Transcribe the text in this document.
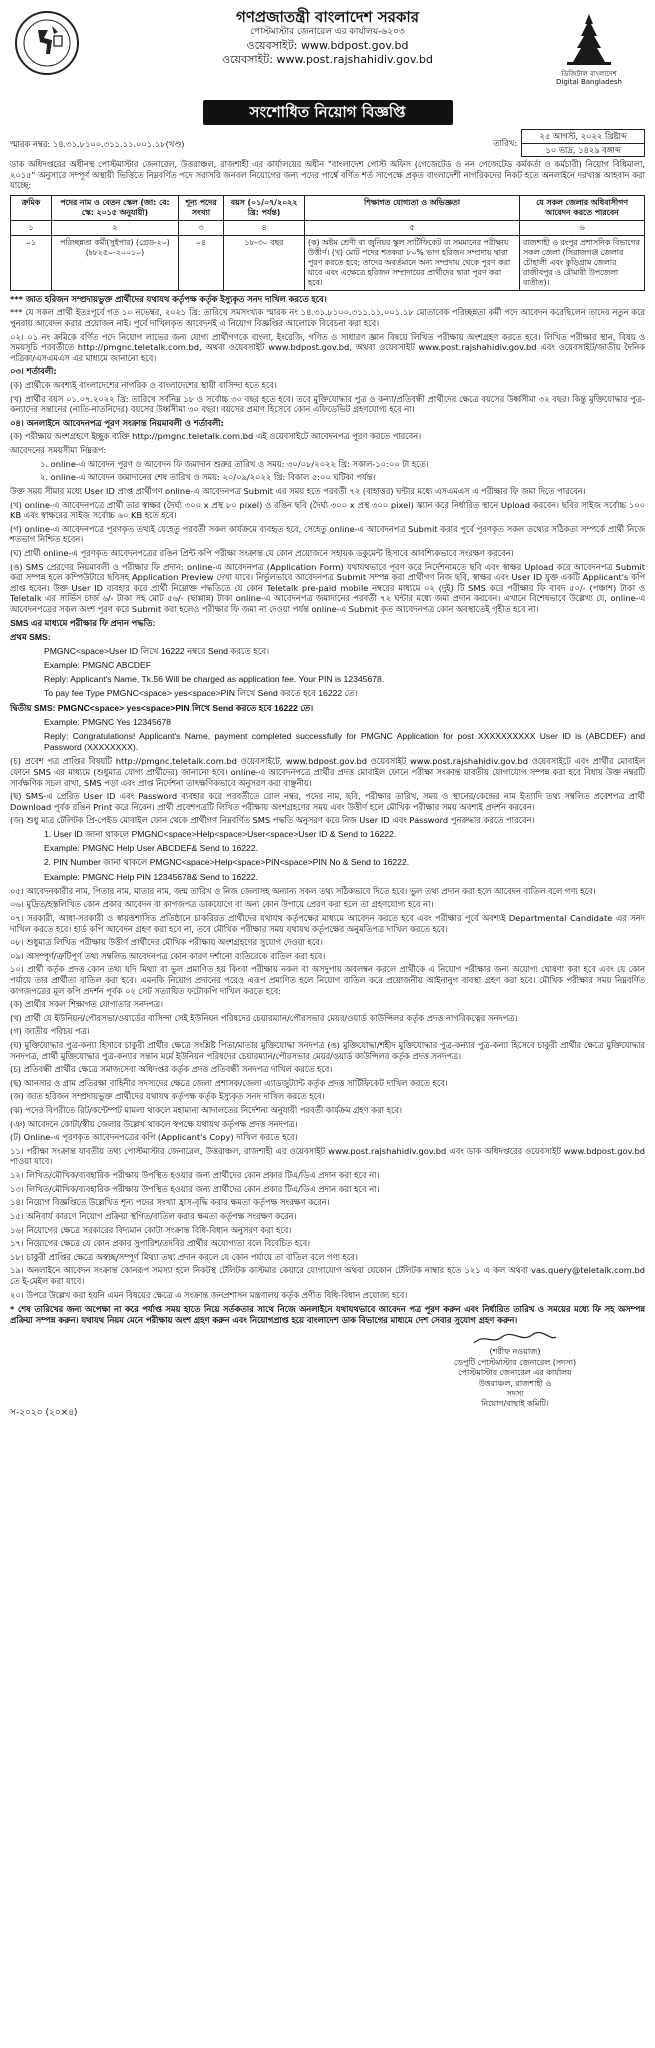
গণপ্রজাতন্ত্রী বাংলাদেশ সরকার
পোস্টমাস্টার জেনারেল এর কার্যালয়-৬২০৩
ওয়েবসাইট: www.bdpost.gov.bd
ওয়েবসাইট: www.post.rajshahidiv.gov.bd
ডিজিটাল বাংলাদেশ
Digital Bangladesh
সংশোধিত নিয়োগ বিজ্ঞপ্তি
স্মারক নম্বর: ১৪.৩১.৮১০০.৩১১.১১.০০১.১৮(খণ্ড)	তারিখ:
২৫ আগস্ট, ২০২২ খ্রিষ্টাব্দ
১০ ভাদ্র, ১৪২৯ বঙ্গাব্দ

ডাক অধিদপ্তরের অধীনস্থ পোস্টমাস্টার জেনারেল, উত্তরাঞ্চল, রাজশাহী এর কার্যালয়ের অধীন "বাংলাদেশ পোস্ট অফিস (গেজেটেড ও নন গেজেটেড কর্মকর্তা ও কর্মচারী) নিয়োগ বিধিমালা, ২০১৫" অনুসারে সম্পূর্ণ অস্থায়ী ভিত্তিতে নিম্নবর্ণিত পদে সরাসরি জনবল নিয়োগের জন্য পদের পার্শ্বে বর্ণিত শর্ত সাপেক্ষে প্রকৃত বাংলাদেশী নাগরিকদের নিকট হতে অনলাইনে দরখাস্ত আহবান করা যাচ্ছে:

ক্রমিক	পদের নাম ও বেতন স্কেল (জা: বে: স্কে: ২০১৫ অনুযায়ী)	শূন্য পদের সংখ্যা	বয়স (০১/০৭/২০২২ খ্রি: পর্যন্ত)	শিক্ষাগত যোগ্যতা ও অভিজ্ঞতা	যে সকল জেলার অধিবাসীগণ আবেদন করতে পারবেন
১	২	৩	৪	৫	৬
০১	পরিচ্ছন্নতা কর্মী(সুইপার) (গ্রেড-২০) (৳৮২৫০-২০০১০)	০৪	১৮-৩০ বছর	(ক) অষ্টম শ্রেণী বা জুনিয়র স্কুল সার্টিফিকেট বা সমমানের পরীক্ষায় উত্তীর্ণ। (খ) মোট পদের শতকরা ৮০% ভাগ হরিজন সম্প্রদায় দ্বারা পূরণ করতে হবে; তাদের অবর্তমানে অন্য সম্প্রদায় থেকে পূরণ করা যাবে এবং এক্ষেত্রে হরিজন সম্প্রদায়ের প্রার্থীদের দ্বারা পূরণ করা হবে।	রাজশাহী ও রংপুর প্রশাসনিক বিভাগের সকল জেলা (সিরাজগঞ্জ জেলার চৌহালী এবং কুড়িগ্রাম জেলার রাজীবপুর ও রৌমারী উপজেলা ব্যতীত)।

*** জাত হরিজন সম্প্রদায়ভুক্ত প্রার্থীদের যথাযথ কর্তৃপক্ষ কর্তৃক ইস্যুকৃত সনদ দাখিল করতে হবে।

*** যে সকল প্রার্থী ইতঃপূর্বে গত ১০ নভেম্বর, ২০২১ খ্রি: তারিখে সমসংখ্যক স্মারক নং ১৪.৩১.৮১০০.৩১১.১১.০০১.১৮ মোতাবেক পরিচ্ছন্নতা কর্মী পদে আবেদন করেছিলেন তাদের নতুন করে পুনরায় আবেদন করার প্রয়োজন নাই। পূর্বে দাখিলকৃত আবেদনই এ নিয়োগ বিজ্ঞপ্তির আলোকে বিবেচনা করা হবে।

০২। ০১ নং ক্রমিকে বর্ণিত পদে নিয়োগ লাভের জন্য যোগ্য প্রার্থীগণকে বাংলা, ইংরেজি, গণিত ও সাধারণ জ্ঞান বিষয়ে লিখিত পরীক্ষায় অংশগ্রহণ করতে হবে। লিখিত পরীক্ষার স্থান, বিষয় ও সময়সূচি পরবর্তীতে http://pmgnc.teletalk.com.bd, অথবা ওয়েবসাইট www.bdpost.gov.bd, অথবা ওয়েবসাইট www.post.rajshahidiv.gov.bd এবং ওয়েবসাইট/জাতীয় দৈনিক পত্রিকা/এসএমএস এর মাধ্যমে জানানো হবে।

০৩। শর্তাবলী:

(ক) প্রার্থীকে অবশ্যই বাংলাদেশের নাগরিক ও বাংলাদেশের স্থায়ী বাসিন্দা হতে হবে।

(খ) প্রার্থীর বয়স ০১.০৭.২০২২ খ্রি: তারিখে সর্বনিম্ন ১৮ ও সর্বোচ্চ ৩০ বছর হতে হবে। তবে মুক্তিযোদ্ধার পুত্র ও কন্যা/প্রতিবন্ধী প্রার্থীদের ক্ষেত্রে বয়সের উর্ধ্বসীমা ৩২ বছর। কিন্তু মুক্তিযোদ্ধার পুত্র-কন্যাদের সন্তানের (নাতি-নাতনিদের) বয়সের উর্ধ্বসীমা ৩০ বছর। বয়সের প্রমাণ হিসেবে কোন এফিডেভিট গ্রহণযোগ্য হবে না।

০৪। অনলাইনে আবেদনপত্র পূরণ সংক্রান্ত নিয়মাবলী ও শর্তাবলী:

(ক) পরীক্ষায় অংশগ্রহণে ইচ্ছুক ব্যক্তি http://pmgnc.teletalk.com.bd এই ওয়েবসাইটে আবেদনপত্র পূরণ করতে পারবেন।

আবেদনের সময়সীমা নিম্নরূপ:

১. online-এ আবেদন পূরণ ও আবেদন ফি জমাদান শুরুর তারিখ ও সময়: ৩০/০৮/২০২২ খ্রি: সকাল-১০:০০ টা হতে।

২. online-এ আবেদন জমাদানের শেষ তারিখ ও সময়: ২০/০৯/২০২২ খ্রি: বিকাল ৫:০০ ঘটিকা পর্যন্ত।

উক্ত সময় সীমার মধ্যে User ID প্রাপ্ত প্রার্থীগণ online-এ আবেদনপত্র Submit এর সময় হতে পরবর্তী ৭২ (বাহাত্তর) ঘন্টার মধ্যে এসএমএস এ পরীক্ষার ফি জমা দিতে পারবেন।

(খ) online-এ আবেদনপত্রে প্রার্থী তার স্বাক্ষর (দৈর্ঘ্য ৩০০ x প্রস্থ ৮০ pixel) ও রঙিন ছবি (দৈর্ঘ্য ৩০০ x প্রস্থ ৩০০ pixel) স্ক্যান করে নির্ধারিত স্থানে Upload করবেন। ছবির সাইজ সর্বোচ্চ ১০০ KB এবং স্বাক্ষরের সাইজ সর্বোচ্চ ৬০ KB হতে হবে।

(গ) online-এ আবেদনপত্রে পূরণকৃত তথ্যই যেহেতু পরবর্তী সকল কার্যক্রমে ব্যবহৃত হবে, সেহেতু online-এ আবেদনপত্র Submit করার পূর্বে পূরণকৃত সকল তথ্যের সঠিকতা সম্পর্কে প্রার্থী নিজে শতভাগ নিশ্চিত হবেন।

(ঘ) প্রার্থী online-এ পূরণকৃত আবেদনপত্রের রঙিন প্রিন্ট কপি পরীক্ষা সংক্রান্ত যে কোন প্রয়োজনে সহায়ক ডকুমেন্ট হিসাবে আবশ্যিকভাবে সংরক্ষণ করবেন।

(ঙ) SMS প্রেরণের নিয়মাবলী ও পরীক্ষার ফি প্রদান: online-এ আবেদনপত্র (Application Form) যথাযথভাবে পূরণ করে নির্দেশনামতে ছবি এবং স্বাক্ষর Upload করে আবেদনপত্র Submit করা সম্পন্ন হলে কম্পিউটারে ছবিসহ Application Preview দেখা যাবে। নির্ভুলভাবে আবেদনপত্র Submit সম্পন্ন করা প্রার্থীগণ নিজ ছবি, স্বাক্ষর এবং User ID যুক্ত একটি Applicant's কপি প্রাপ্ত হবেন। উক্ত User ID ব্যবহার করে প্রার্থী নিম্নোক্ত পদ্ধতিতে যে কোন Teletalk pre-paid mobile নম্বরের মাধ্যমে ০২ (দুই) টি SMS করে পরীক্ষার ফি বাবদ ৫০/- (পঞ্চাশ) টাকা ও Teletalk এর সার্ভিস চার্জ ৬/- টাকা সহ মোট ৫৬/- (ছাপ্পান্ন) টাকা online-এ আবেদনপত্র জমাদানের পরবর্তী ৭২ ঘন্টার মধ্যে জমা প্রদান করবেন। এখানে বিশেষভাবে উল্লেখ্য যে, online-এ আবেদনপত্রের সকল অংশ পূরণ করে Submit করা হলেও পরীক্ষার ফি জমা না দেওয়া পর্যন্ত online-এ Submit কৃত আবেদনপত্র কোন অবস্থাতেই গৃহীত হবে না।

SMS এর মাধ্যমে পরীক্ষার ফি প্রদান পদ্ধতি:

প্রথম SMS:

PMGNC<space>User ID লিখে 16222 নম্বরে Send করতে হবে।

Example: PMGNC ABCDEF

Reply: Applicant's Name, Tk.56 Will be charged as application fee. Your PIN is 12345678.

To pay fee Type PMGNC<space> yes<space>PIN লিখে Send করতে হবে 16222 তে।

দ্বিতীয় SMS: PMGNC<space> yes<space>PIN লিখে Send করতে হবে 16222 তে।

Example: PMGNC Yes 12345678

Reply: Congratulations! Applicant's Name, payment completed successfully for PMGNC Application for post XXXXXXXXXX User ID is (ABCDEF) and Password (XXXXXXXX).

(চ) প্রবেশ পত্র প্রাপ্তির বিষয়টি http://pmgnc.teletalk.com.bd ওয়েবসাইটে, www.bdpost.gov.bd ওয়েবসাইট www.post.rajshahidiv.gov.bd ওয়েবসাইটে এবং প্রার্থীর মোবাইল ফোনে SMS এর মাধ্যমে (শুধুমাত্র যোগ্য প্রার্থীদের) জানানো হবে। online-এ আবেদনপত্রে প্রার্থীর প্রদত্ত মোবাইল ফোনে পরীক্ষা সংক্রান্ত যাবতীয় যোগাযোগ সম্পন্ন করা হবে বিধায় উক্ত নম্বরটি সার্বক্ষণিক সচল রাখা, SMS পড়া এবং প্রাপ্ত নির্দেশনা তাৎক্ষণিকভাবে অনুসরণ করা বাঞ্ছনীয়।

(ছ) SMS-এ প্রেরিত User ID এবং Password ব্যবহার করে পরবর্তীতে রোল নম্বর, পদের নাম, ছবি, পরীক্ষার তারিখ, সময় ও স্থানের/কেন্দ্রের নাম ইত্যাদি তথ্য সম্বলিত প্রবেশপত্র প্রার্থী Download পূর্বক রঙিন Print করে নিবেন। প্রার্থী প্রবেশপত্রটি লিখিত পরীক্ষায় অংশগ্রহণের সময় এবং উত্তীর্ণ হলে মৌখিক পরীক্ষার সময় অবশ্যই প্রদর্শন করবেন।

(জ) শুধু মাত্র টেলিটক প্রি-পেইড মোবাইল ফোন থেকে প্রার্থীগণ নিম্নবর্ণিত SMS পদ্ধতি অনুসরণ করে নিজ User ID এবং Password পুনরুদ্ধার করতে পারবেন।

1. User ID জানা থাকলে PMGNC<space>Help<space>User<space>User ID & Send to 16222.

Example: PMGNC Help User ABCDEF& Send to 16222.

2. PIN Number জানা থাকলে PMGNC<space>Help<space>PIN<space>PIN No & Send to 16222.

Example: PMGNC Help PIN 12345678& Send to 16222.

০৫। আবেদনকারীর নাম, পিতার নাম, মাতার নাম, জন্ম তারিখ ও নিজ জেলাসহ অন্যান্য সকল তথ্য সঠিকভাবে দিতে হবে। ভুল তথ্য প্রদান করা হলে আবেদন বাতিল বলে গণ্য হবে।

০৬। মুদ্রিত/হস্তলিখিত কোন প্রকার আবেদন বা কাগজপত্র ডাকযোগে বা অন্য কোন উপায়ে প্রেরণ করা হলে তা গ্রহণযোগ্য হবে না।

০৭। সরকারী, আধা-সরকারী ও স্বায়ত্তশাসিত প্রতিষ্ঠানে চাকরিরত প্রার্থীদের যথাযথ কর্তৃপক্ষের মাধ্যমে আবেদন করতে হবে এবং পরীক্ষার পূর্বে অবশ্যই Departmental Candidate এর সনদ দাখিল করতে হবে। হার্ড কপি আবেদন গ্রহণ করা হবে না, তবে মৌখিক পরীক্ষার সময় যথাযথ কর্তৃপক্ষের অনুমতিপত্র দাখিল করতে হবে।

০৮। শুধুমাত্র লিখিত পরীক্ষায় উত্তীর্ণ প্রার্থীদের মৌখিক পরীক্ষায় অংশগ্রহণের সুযোগ দেওয়া হবে।

০৯। অসম্পূর্ণ/ত্রুটিপূর্ণ তথ্য সম্বলিত আবেদনপত্র কোন কারণ দর্শানো ব্যতিরেকে বাতিল করা হবে।

১০। প্রার্থী কর্তৃক প্রদত্ত কোন তথ্য যদি মিথ্যা বা ভুল প্রমাণিত হয় কিংবা পরীক্ষায় নকল বা অসদুপায় অবলম্বন করলে প্রার্থীকে এ নিয়োগ পরীক্ষার জন্য অযোগ্য ঘোষণা করা হবে এবং যে কোন পর্যায়ে তার প্রার্থীতা বাতিল করা হবে। এমনকি নিয়োগ প্রদানের পরেও এরূপ প্রমাণিত হলে নিয়োগ বাতিল করে প্রয়োজনীয় আইনানুগ ব্যবস্থা গ্রহণ করা হবে। মৌখিক পরীক্ষার সময় নিম্নবর্ণিত কাগজপত্রের মূল কপি প্রদর্শন পূর্বক ০২ সেট সত্যায়িত ফটোকপি দাখিল করতে হবে:

(ক) প্রার্থীর সকল শিক্ষাগত যোগ্যতার সনদপত্র।

(খ) প্রার্থী যে ইউনিয়ন/পৌরসভা/ওয়ার্ডের বাসিন্দা সেই ইউনিয়ন পরিষদের চেয়ারম্যান/পৌরসভার মেয়র/ওয়ার্ড কাউন্সিলর কর্তৃক প্রদত্ত নাগরিকত্বের সনদপত্র।

(গ) জাতীয় পরিচয় পত্র।

(ঘ) মুক্তিযোদ্ধার পুত্র-কন্যা হিসাবে চাকুরী প্রার্থীর ক্ষেত্রে সংশ্লিষ্ট পিতা/মাতার মুক্তিযোদ্ধা সনদপত্র (ঙ) মুক্তিযোদ্ধা/শহীদ মুক্তিযোদ্ধার পুত্র-কন্যার পুত্র-কন্যা হিসেবে চাকুরী প্রার্থীর ক্ষেত্রে মুক্তিযোদ্ধার সনদপত্র, প্রার্থী মুক্তিযোদ্ধার পুত্র-কন্যার সন্তান মর্মে ইউনিয়ন পরিষদের চেয়ারম্যান/পৌরসভার মেয়র/ওয়ার্ড কাউন্সিলর কর্তৃক প্রদত্ত সনদপত্র।

(চ) প্রতিবন্ধী প্রার্থীর ক্ষেত্রে সমাজসেবা অধিদপ্তর কর্তৃক প্রদত্ত প্রতিবন্ধী সনদপত্র দাখিল করতে হবে।

(ছ) আনসার ও গ্রাম প্রতিরক্ষা বাহিনীর সদস্যদের ক্ষেত্রে জেলা প্রশাসক/জেলা এ্যাডজুট্যান্ট কর্তৃক প্রদত্ত সার্টিফিকেট দাখিল করতে হবে।

(জ) জাত হরিজন সম্প্রদায়ভুক্ত প্রার্থীদের যথাযথ কর্তৃপক্ষ কর্তৃক ইস্যুকৃত সনদ দাখিল করতে হবে।

(ঝ) পদের বিপরীতে রিট/কন্টেম্পট মামলা থাকলে মহামান্য আদালতের নির্দেশনা অনুযায়ী পরবর্তী কার্যক্রম গ্রহণ করা হবে।

(ঞ) আবেদনে কোটা/স্বীয় জেলার উল্লেখ থাকলে স্বপক্ষে যথাযথ কর্তৃপক্ষ প্রদত্ত সনদপত্র।

(ট) Online-এ পূরণকৃত আবেদনপত্রের কপি (Applicant's Copy) দাখিল করতে হবে।

১১। পরীক্ষা সংক্রান্ত যাবতীয় তথ্য পোস্টমাস্টার জেনারেল, উত্তরাঞ্চল, রাজশাহী এর ওয়েবসাইট www.post.rajshahidiv.gov.bd এবং ডাক অধিদপ্তরের ওয়েবসাইট www.bdpost.gov.bd পাওয়া যাবে।

১২। লিখিত/মৌখিক/ব্যবহারিক পরীক্ষায় উপস্থিত হওয়ার জন্য প্রার্থীদের কোন প্রকার টিএ/ডিএ প্রদান করা হবে না।

১৩। লিখিত/মৌখিক/ব্যবহারিক পরীক্ষায় উপস্থিত হওয়ার জন্য প্রার্থীদের কোন প্রকার টিএ/ডিএ প্রদান করা হবে না।

১৪। নিয়োগ বিজ্ঞপ্তিতে উল্লেখিত শূন্য পদের সংখ্যা হ্রাস-বৃদ্ধি করার ক্ষমতা কর্তৃপক্ষ সংরক্ষণ করেন।

১৫। অনিবার্য কারণে নিয়োগ প্রক্রিয়া স্থগিত/বাতিল করার ক্ষমতা কর্তৃপক্ষ সংরক্ষণ করেন।

১৬। নিয়োগের ক্ষেত্রে সরকারের বিদ্যমান কোটা সংক্রান্ত বিধি-বিধান অনুসরণ করা হবে।

১৭। নিয়োগের ক্ষেত্রে যে কোন প্রকার সুপারিশ/তদবির প্রার্থীর অযোগ্যতা বলে বিবেচিত হবে।

১৮। চাকুরী প্রাপ্তির ক্ষেত্রে অস্বচ্ছ/সম্পূর্ণ মিথ্যা তথ্য প্রদান করলে যে কোন পর্যায়ে তা বাতিল বলে গণ্য হবে।

১৯। অনলাইনে আবেদন সংক্রান্ত কোনরূপ সমস্যা হলে নিকটস্থ টেলিটক কাস্টমার কেয়ারে যোগাযোগ অথবা যেকোন টেলিটক নাম্বার হতে ১২১ এ কল অথবা vas.query@teletalk.com.bd তে ই-মেইল করা যাবে।

২০। উপরে উল্লেখ করা হয়নি এমন বিষয়ের ক্ষেত্রে এ সংক্রান্ত জনপ্রশাসন মন্ত্রণালয় কর্তৃক প্রণীত বিধি-বিধান প্রযোজ্য হবে।

* শেষ তারিখের জন্য অপেক্ষা না করে পর্যাপ্ত সময় হাতে নিয়ে সর্তকতার সাথে নিজে অনলাইনে যথাযথভাবে আবেদন পত্র পূরণ করুন এবং নির্ধারিত তারিখ ও সময়ের মধ্যে ফি সহ অসম্পন্ন প্রক্রিয়া সম্পন্ন করুন। যথাযথ নিয়ম মেনে পরীক্ষায় অংশ গ্রহণ করুন এবং নিয়োগপ্রাপ্ত হয়ে বাংলাদেশ ডাক বিভাগের মাধ্যমে দেশ সেবার সুযোগ গ্রহণ করুন।

(শরীফ নওয়াজ)
ডেপুটি পোস্টমাস্টার জেনারেল (সদস্য)
পোস্টমাস্টার জেনারেল এর কার্যালয়
উত্তরাঞ্চল, রাজশাহী ও
সদস্য
নিয়োগ/বাছাই কমিটি।
স-২০২০ (২০×৪)
